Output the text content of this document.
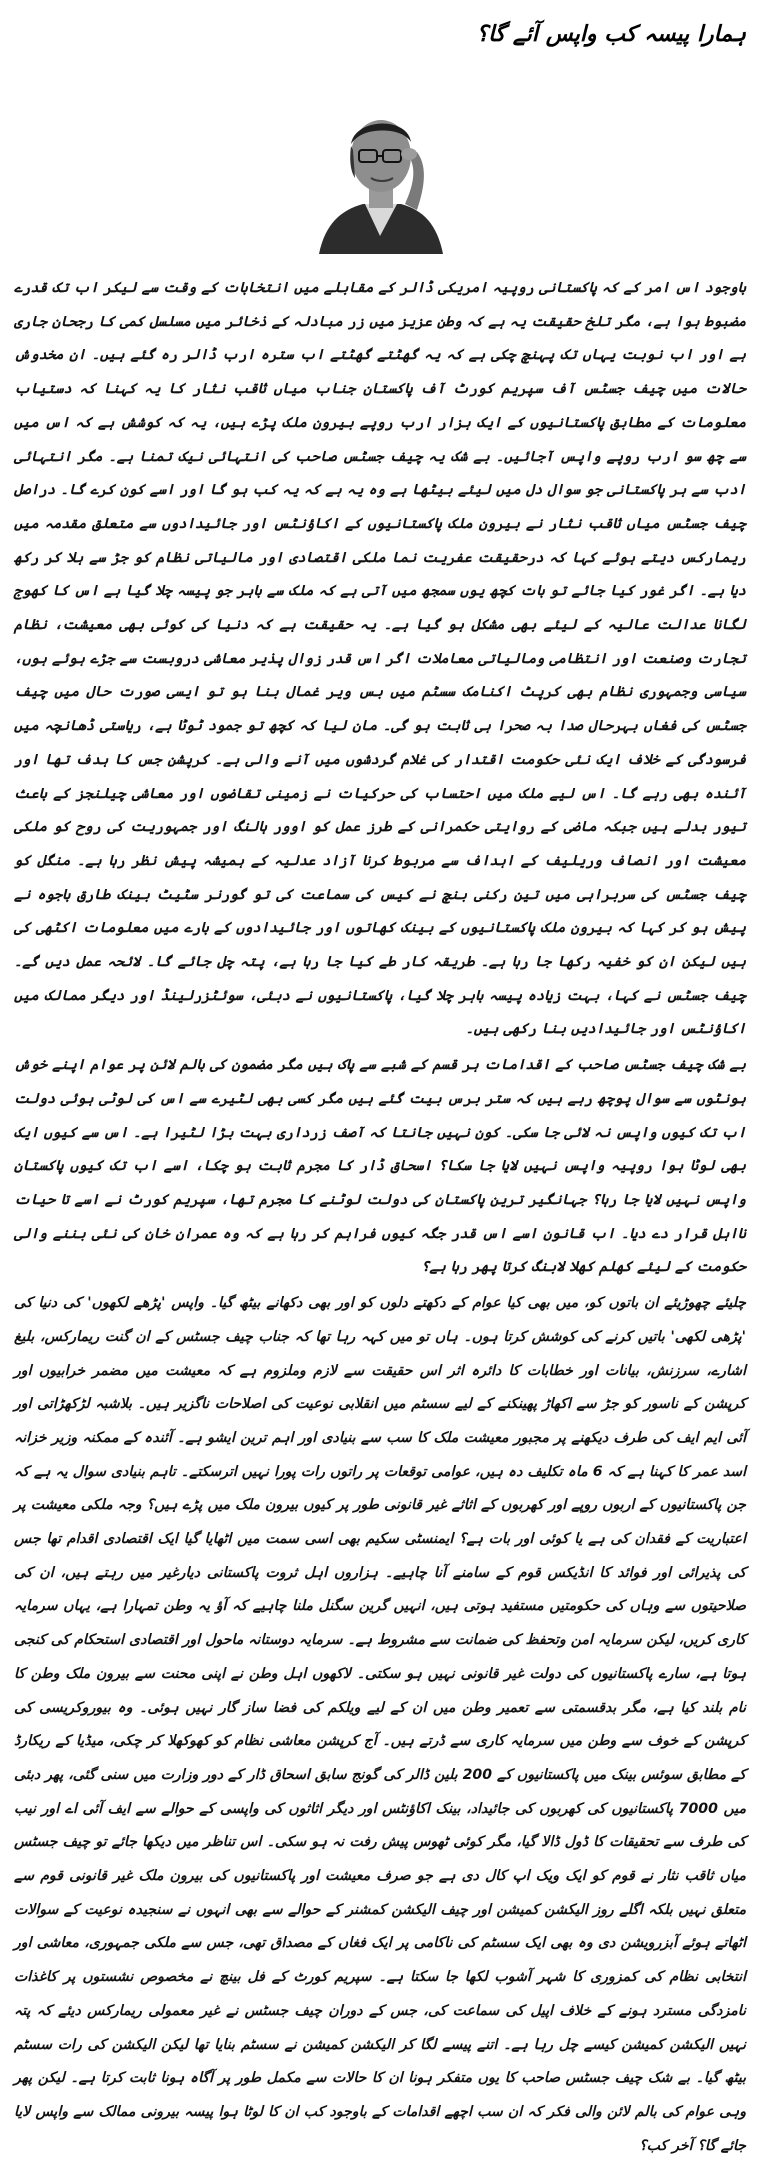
ہمارا پیسہ کب واپس آئے گا؟

باوجود اس امر کے کہ پاکستانی روپیہ امریکی ڈالر کے مقابلے میں انتخابات کے وقت سے لیکر اب تک قدرے مضبوط ہوا ہے، مگر تلخ حقیقت یہ ہے کہ وطن عزیز میں زر مبادلہ کے ذخائر میں مسلسل کمی کا رجحان جاری ہے اور اب نوبت یہاں تک پہنچ چکی ہے کہ یہ گھٹتے گھٹتے اب سترہ ارب ڈالر رہ گئے ہیں۔ ان مخدوش حالات میں چیف جسٹس آف سپریم کورٹ آف پاکستان جناب میاں ثاقب نثار کا یہ کہنا کہ دستیاب معلومات کے مطابق پاکستانیوں کے ایک ہزار ارب روپے بیرون ملک پڑے ہیں، یہ کہ کوشش ہے کہ اس میں سے چھ سو ارب روپے واپس آجائیں۔ بے شک یہ چیف جسٹس صاحب کی انتہائی نیک تمنا ہے۔ مگر انتہائی ادب سے ہر پاکستانی جو سوال دل میں لیئے بیٹھا ہے وہ یہ ہے کہ یہ کب ہو گا اور اسے کون کرے گا۔ دراصل چیف جسٹس میاں ثاقب نثار نے بیرون ملک پاکستانیوں کے اکاؤنٹس اور جائیدادوں سے متعلق مقدمہ میں ریمارکس دیتے ہوئے کہا کہ درحقیقت عفریت نما ملکی اقتصادی اور مالیاتی نظام کو جڑ سے ہلا کر رکھ دیا ہے۔ اگر غور کیا جائے تو بات کچھ یوں سمجھ میں آتی ہے کہ ملک سے باہر جو پیسہ چلا گیا ہے اس کا کھوج لگانا عدالت عالیہ کے لیئے بھی مشکل ہو گیا ہے۔ یہ حقیقت ہے کہ دنیا کی کوئی بھی معیشت، نظام تجارت وصنعت اور انتظامی ومالیاتی معاملات اگر اس قدر زوال پذیر معاشی دروبست سے جڑے ہوئے ہوں، سیاسی وجمہوری نظام بھی کرپٹ اکنامک سسٹم میں بس ویر غمال بنا ہو تو ایسی صورت حال میں چیف جسٹس کی فغاں بہرحال صدا بہ صحرا ہی ثابت ہو گی۔ مان لیا کہ کچھ تو جمود ٹوٹا ہے، ریاستی ڈھانچہ میں فرسودگی کے خلاف ایک نئی حکومت اقتدار کی غلام گردشوں میں آنے والی ہے۔ کرپشن جس کا ہدف تھا اور آئندہ بھی رہے گا۔ اس لیے ملک میں احتساب کی حرکیات نے زمینی تقاضوں اور معاشی چیلنجز کے باعث تیور بدلے ہیں جبکہ ماضی کے روایتی حکمرانی کے طرز عمل کو اوور ہالنگ اور جمہوریت کی روح کو ملکی معیشت اور انصاف وریلیف کے اہداف سے مربوط کرنا آزاد عدلیہ کے ہمیشہ پیش نظر رہا ہے۔ منگل کو چیف جسٹس کی سربراہی میں تین رکنی بنچ نے کیس کی سماعت کی تو گورنر سٹیٹ بینک طارق باجوہ نے پیش ہو کر کہا کہ بیرون ملک پاکستانیوں کے بینک کھاتوں اور جائیدادوں کے بارے میں معلومات اکٹھی کی ہیں لیکن ان کو خفیہ رکھا جا رہا ہے۔ طریقہ کار طے کیا جا رہا ہے، پتہ چل جائے گا۔ لائحہ عمل دیں گے۔ چیف جسٹس نے کہا، بہت زیادہ پیسہ باہر چلا گیا، پاکستانیوں نے دبئی، سوئٹزرلینڈ اور دیگر ممالک میں اکاؤنٹس اور جائیدادیں بنا رکھی ہیں۔

بے شک چیف جسٹس صاحب کے اقدامات ہر قسم کے شبے سے پاک ہیں مگر مضمون کی بالم لائن پر عوام اپنے خوش ہونٹوں سے سوال پوچھ رہے ہیں کہ ستر برس بیت گئے ہیں مگر کسی بھی لٹیرے سے اس کی لوٹی ہوئی دولت اب تک کیوں واپس نہ لائی جا سکی۔ کون نہیں جانتا کہ آصف زرداری بہت بڑا لٹیرا ہے۔ اس سے کیوں ایک بھی لوٹا ہوا روپیہ واپس نہیں لایا جا سکا؟ اسحاق ڈار کا مجرم ثابت ہو چکا، اسے اب تک کیوں پاکستان واپس نہیں لایا جا رہا؟ جہانگیر ترین پاکستان کی دولت لوٹنے کا مجرم تھا، سپریم کورٹ نے اسے تا حیات نااہل قرار دے دیا۔ اب قانون اسے اس قدر جگہ کیوں فراہم کر رہا ہے کہ وہ عمران خان کی نئی بننے والی حکومت کے لیئے کھلم کھلا لابنگ کرتا پھر رہا ہے؟

چلیئے چھوڑیئے ان باتوں کو، میں بھی کیا عوام کے دکھتے دلوں کو اور بھی دکھانے بیٹھ گیا۔ واپس 'پڑھے لکھوں' کی دنیا کی 'پڑھی لکھی' باتیں کرنے کی کوشش کرتا ہوں۔ ہاں تو میں کہہ رہا تھا کہ جناب چیف جسٹس کے ان گنت ریمارکس، بلیغ اشارے، سرزنش، بیانات اور خطابات کا دائرہ اثر اس حقیقت سے لازم وملزوم ہے کہ معیشت میں مضمر خرابیوں اور کرپشن کے ناسور کو جڑ سے اکھاڑ پھینکنے کے لیے سسٹم میں انقلابی نوعیت کی اصلاحات ناگزیر ہیں۔ بلاشبہ لڑکھڑاتی اور آئی ایم ایف کی طرف دیکھنے پر مجبور معیشت ملک کا سب سے بنیادی اور اہم ترین ایشو ہے۔ آئندہ کے ممکنہ وزیر خزانہ اسد عمر کا کہنا ہے کہ 6 ماہ تکلیف دہ ہیں، عوامی توقعات پر راتوں رات پورا نہیں اترسکتے۔ تاہم بنیادی سوال یہ ہے کہ جن پاکستانیوں کے اربوں روپے اور کھربوں کے اثاثے غیر قانونی طور پر کیوں بیرون ملک میں پڑے ہیں؟ وجہ ملکی معیشت پر اعتباریت کے فقدان کی ہے یا کوئی اور بات ہے؟ ایمنسٹی سکیم بھی اسی سمت میں اٹھایا گیا ایک اقتصادی اقدام تھا جس کی پذیرائی اور فوائد کا انڈیکس قوم کے سامنے آنا چاہیے۔ ہزاروں اہل ثروت پاکستانی دیارغیر میں رہتے ہیں، ان کی صلاحیتوں سے وہاں کی حکومتیں مستفید ہوتی ہیں، انہیں گرین سگنل ملنا چاہیے کہ آؤ یہ وطن تمہارا ہے، یہاں سرمایہ کاری کریں، لیکن سرمایہ امن وتحفظ کی ضمانت سے مشروط ہے۔ سرمایہ دوستانہ ماحول اور اقتصادی استحکام کی کنجی ہوتا ہے، سارے پاکستانیوں کی دولت غیر قانونی نہیں ہو سکتی۔ لاکھوں اہل وطن نے اپنی محنت سے بیرون ملک وطن کا نام بلند کیا ہے، مگر بدقسمتی سے تعمیر وطن میں ان کے لیے ویلکم کی فضا ساز گار نہیں ہوئی۔ وہ بیوروکریسی کی کرپشن کے خوف سے وطن میں سرمایہ کاری سے ڈرتے ہیں۔ آج کرپشن معاشی نظام کو کھوکھلا کر چکی، میڈیا کے ریکارڈ کے مطابق سوئس بینک میں پاکستانیوں کے 200 بلین ڈالر کی گونج سابق اسحاق ڈار کے دور وزارت میں سنی گئی، پھر دبئی میں 7000 پاکستانیوں کی کھربوں کی جائیداد، بینک اکاؤنٹس اور دیگر اثاثوں کی واپسی کے حوالے سے ایف آئی اے اور نیب کی طرف سے تحقیقات کا ڈول ڈالا گیا، مگر کوئی ٹھوس پیش رفت نہ ہو سکی۔ اس تناظر میں دیکھا جائے تو چیف جسٹس میاں ثاقب نثار نے قوم کو ایک ویک اپ کال دی ہے جو صرف معیشت اور پاکستانیوں کی بیرون ملک غیر قانونی قوم سے متعلق نہیں بلکہ اگلے روز الیکشن کمیشن اور چیف الیکشن کمشنر کے حوالے سے بھی انہوں نے سنجیدہ نوعیت کے سوالات اٹھاتے ہوئے آبزرویشن دی وہ بھی ایک سسٹم کی ناکامی پر ایک فغاں کے مصداق تھی، جس سے ملکی جمہوری، معاشی اور انتخابی نظام کی کمزوری کا شہر آشوب لکھا جا سکتا ہے۔ سپریم کورٹ کے فل بینچ نے مخصوص نشستوں پر کاغذات نامزدگی مسترد ہونے کے خلاف اپیل کی سماعت کی، جس کے دوران چیف جسٹس نے غیر معمولی ریمارکس دیئے کہ پتہ نہیں الیکشن کمیشن کیسے چل رہا ہے۔ اتنے پیسے لگا کر الیکشن کمیشن نے سسٹم بنایا تھا لیکن الیکشن کی رات سسٹم بیٹھ گیا۔ بے شک چیف جسٹس صاحب کا یوں متفکر ہونا ان کا حالات سے مکمل طور پر آگاہ ہونا ثابت کرتا ہے۔ لیکن پھر وہی عوام کی بالم لائن والی فکر کہ ان سب اچھے اقدامات کے باوجود کب ان کا لوٹا ہوا پیسہ بیرونی ممالک سے واپس لایا جائے گا؟ آخر کب؟
